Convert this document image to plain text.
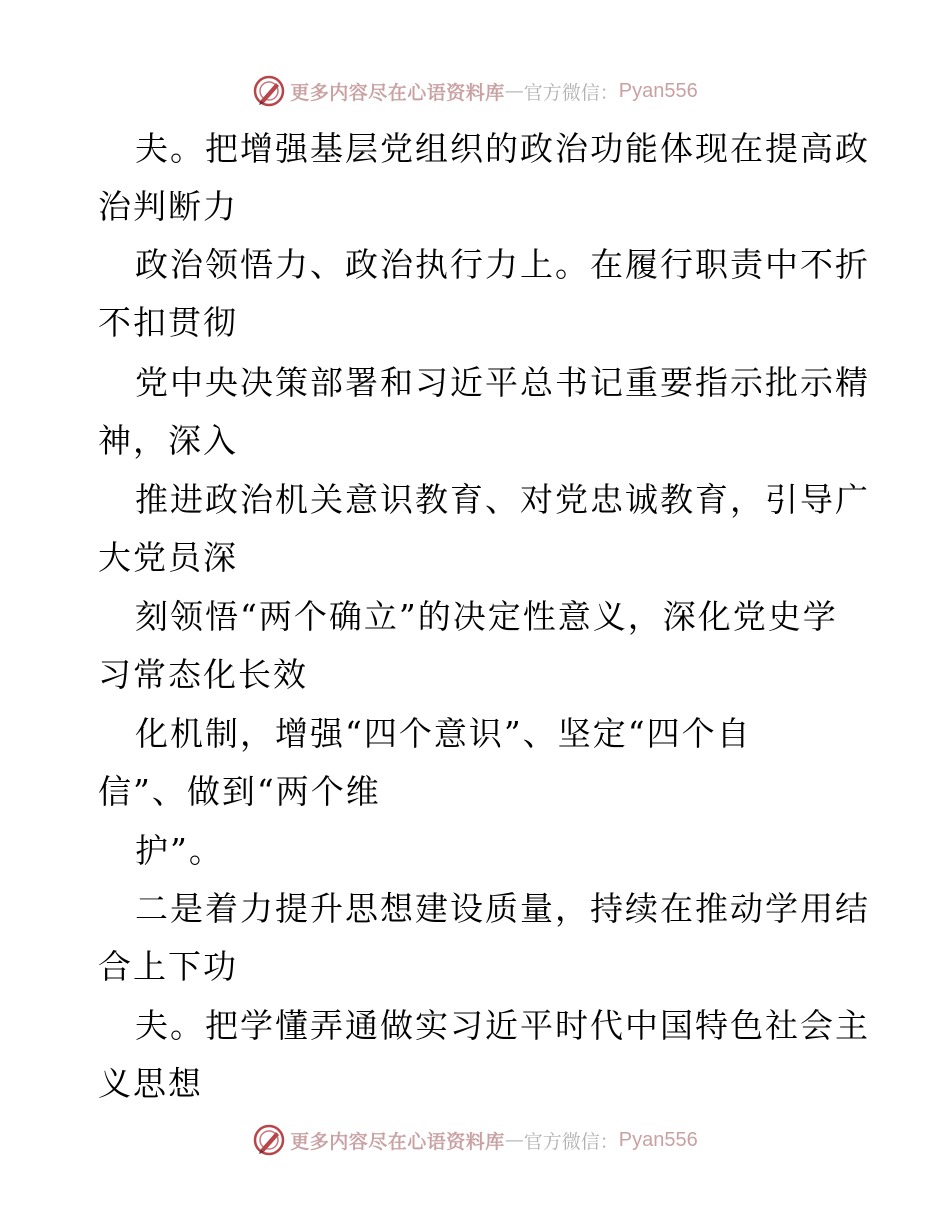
更多内容尽在心语资料库 — 官方微信： Pyan556
夫。把增强基层党组织的政治功能体现在提高政
治判断力
政治领悟力、政治执行力上。在履行职责中不折
不扣贯彻
党中央决策部署和习近平总书记重要指示批示精
神，深入
推进政治机关意识教育、对党忠诚教育，引导广
大党员深
刻领悟“两个确立”的决定性意义，深化党史学
习常态化长效
化机制，增强“四个意识”、坚定“四个自
信”、做到“两个维
护”。
二是着力提升思想建设质量，持续在推动学用结
合上下功
夫。把学懂弄通做实习近平时代中国特色社会主
义思想
更多内容尽在心语资料库 — 官方微信： Pyan556
